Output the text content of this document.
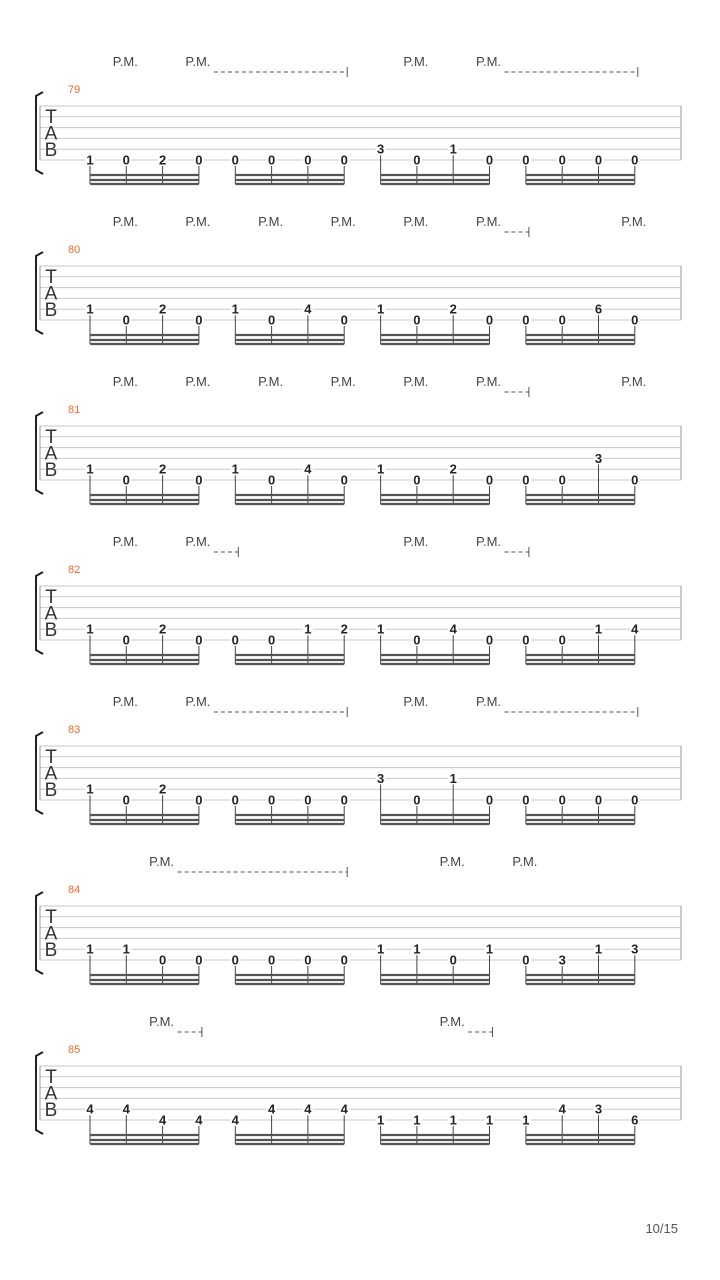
T
A
B
79
P.M.	P.M.	P.M.	P.M.
1 0 2 0 0 0 0 0
3
0
1
0 0 0 0 0
T
A
B
80
P.M.	P.M.	P.M.	P.M.	P.M.	P.M.	P.M.
1
0
2
0
1
0
4
0
1
0
2
0 0 0
6
0
T
A
B
81
P.M.	P.M.	P.M.	P.M.	P.M.	P.M.	P.M.
1
0
2
0
1
0
4
0
1
0
2
0 0 0
3
0
T
A
B
82
P.M.	P.M.	P.M.	P.M.
1
0
2
0 0 0
1 2 1
0
4
0 0 0
1 4
T
A
B
83
P.M.	P.M.	P.M.	P.M.
1
0
2
0 0 0 0 0
3
0
1
0 0 0 0 0
T
A
B
84
P.M.	P.M.	P.M.
1 1
0 0 0 0 0 0
1 1
0
1
0 3
1 3
T
A
B
85
P.M.	P.M.
4 4
4 4 4
4 4 4
1 1 1 1 1
4 3
6
10/15
